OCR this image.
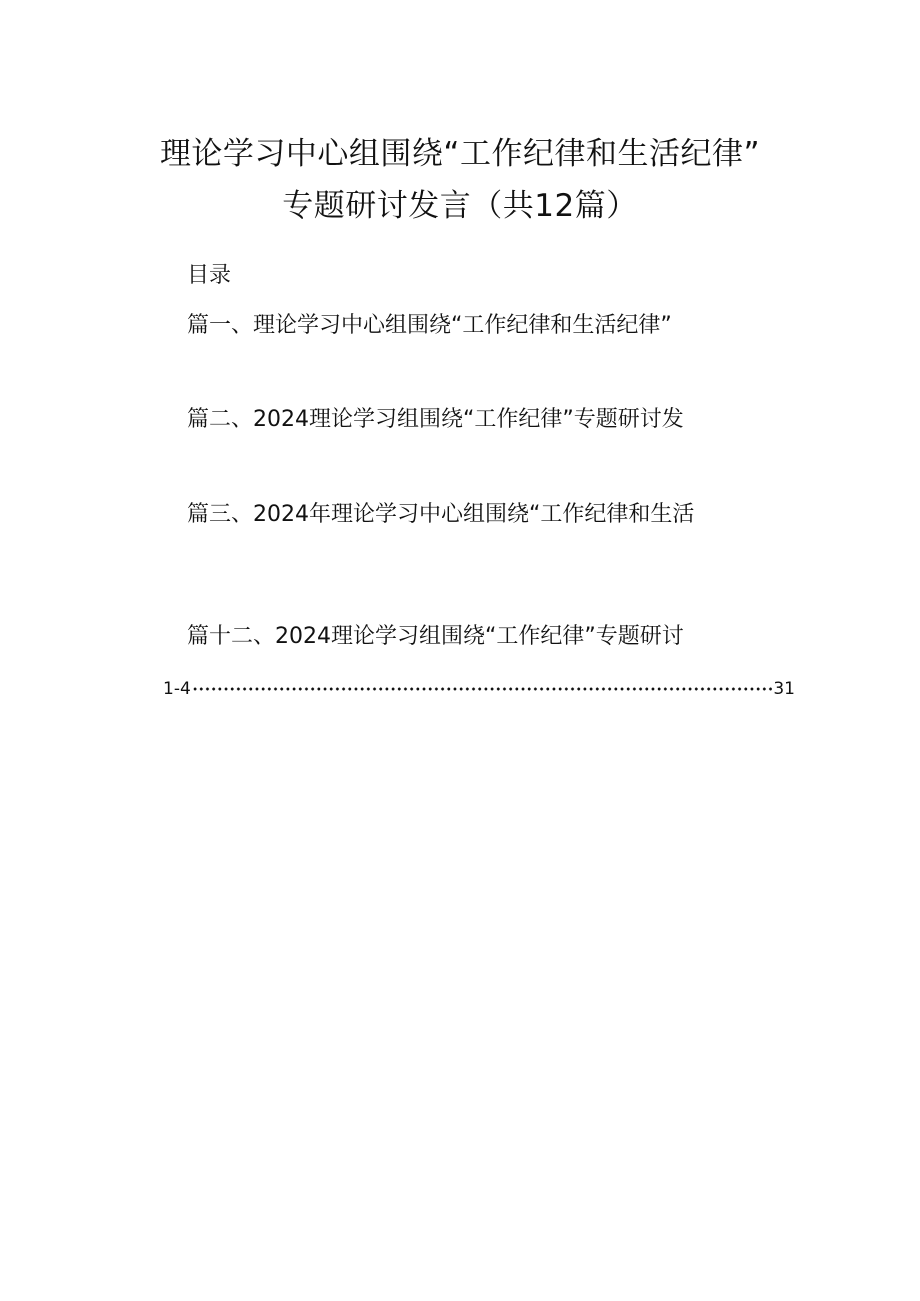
理论学习中心组围绕“工作纪律和生活纪律”
专题研讨发言（共12篇）
目录
篇一、理论学习中心组围绕“工作纪律和生活纪律”
篇二、2024理论学习组围绕“工作纪律”专题研讨发
篇三、2024年理论学习中心组围绕“工作纪律和生活
篇十二、2024理论学习组围绕“工作纪律”专题研讨
1-4	31
